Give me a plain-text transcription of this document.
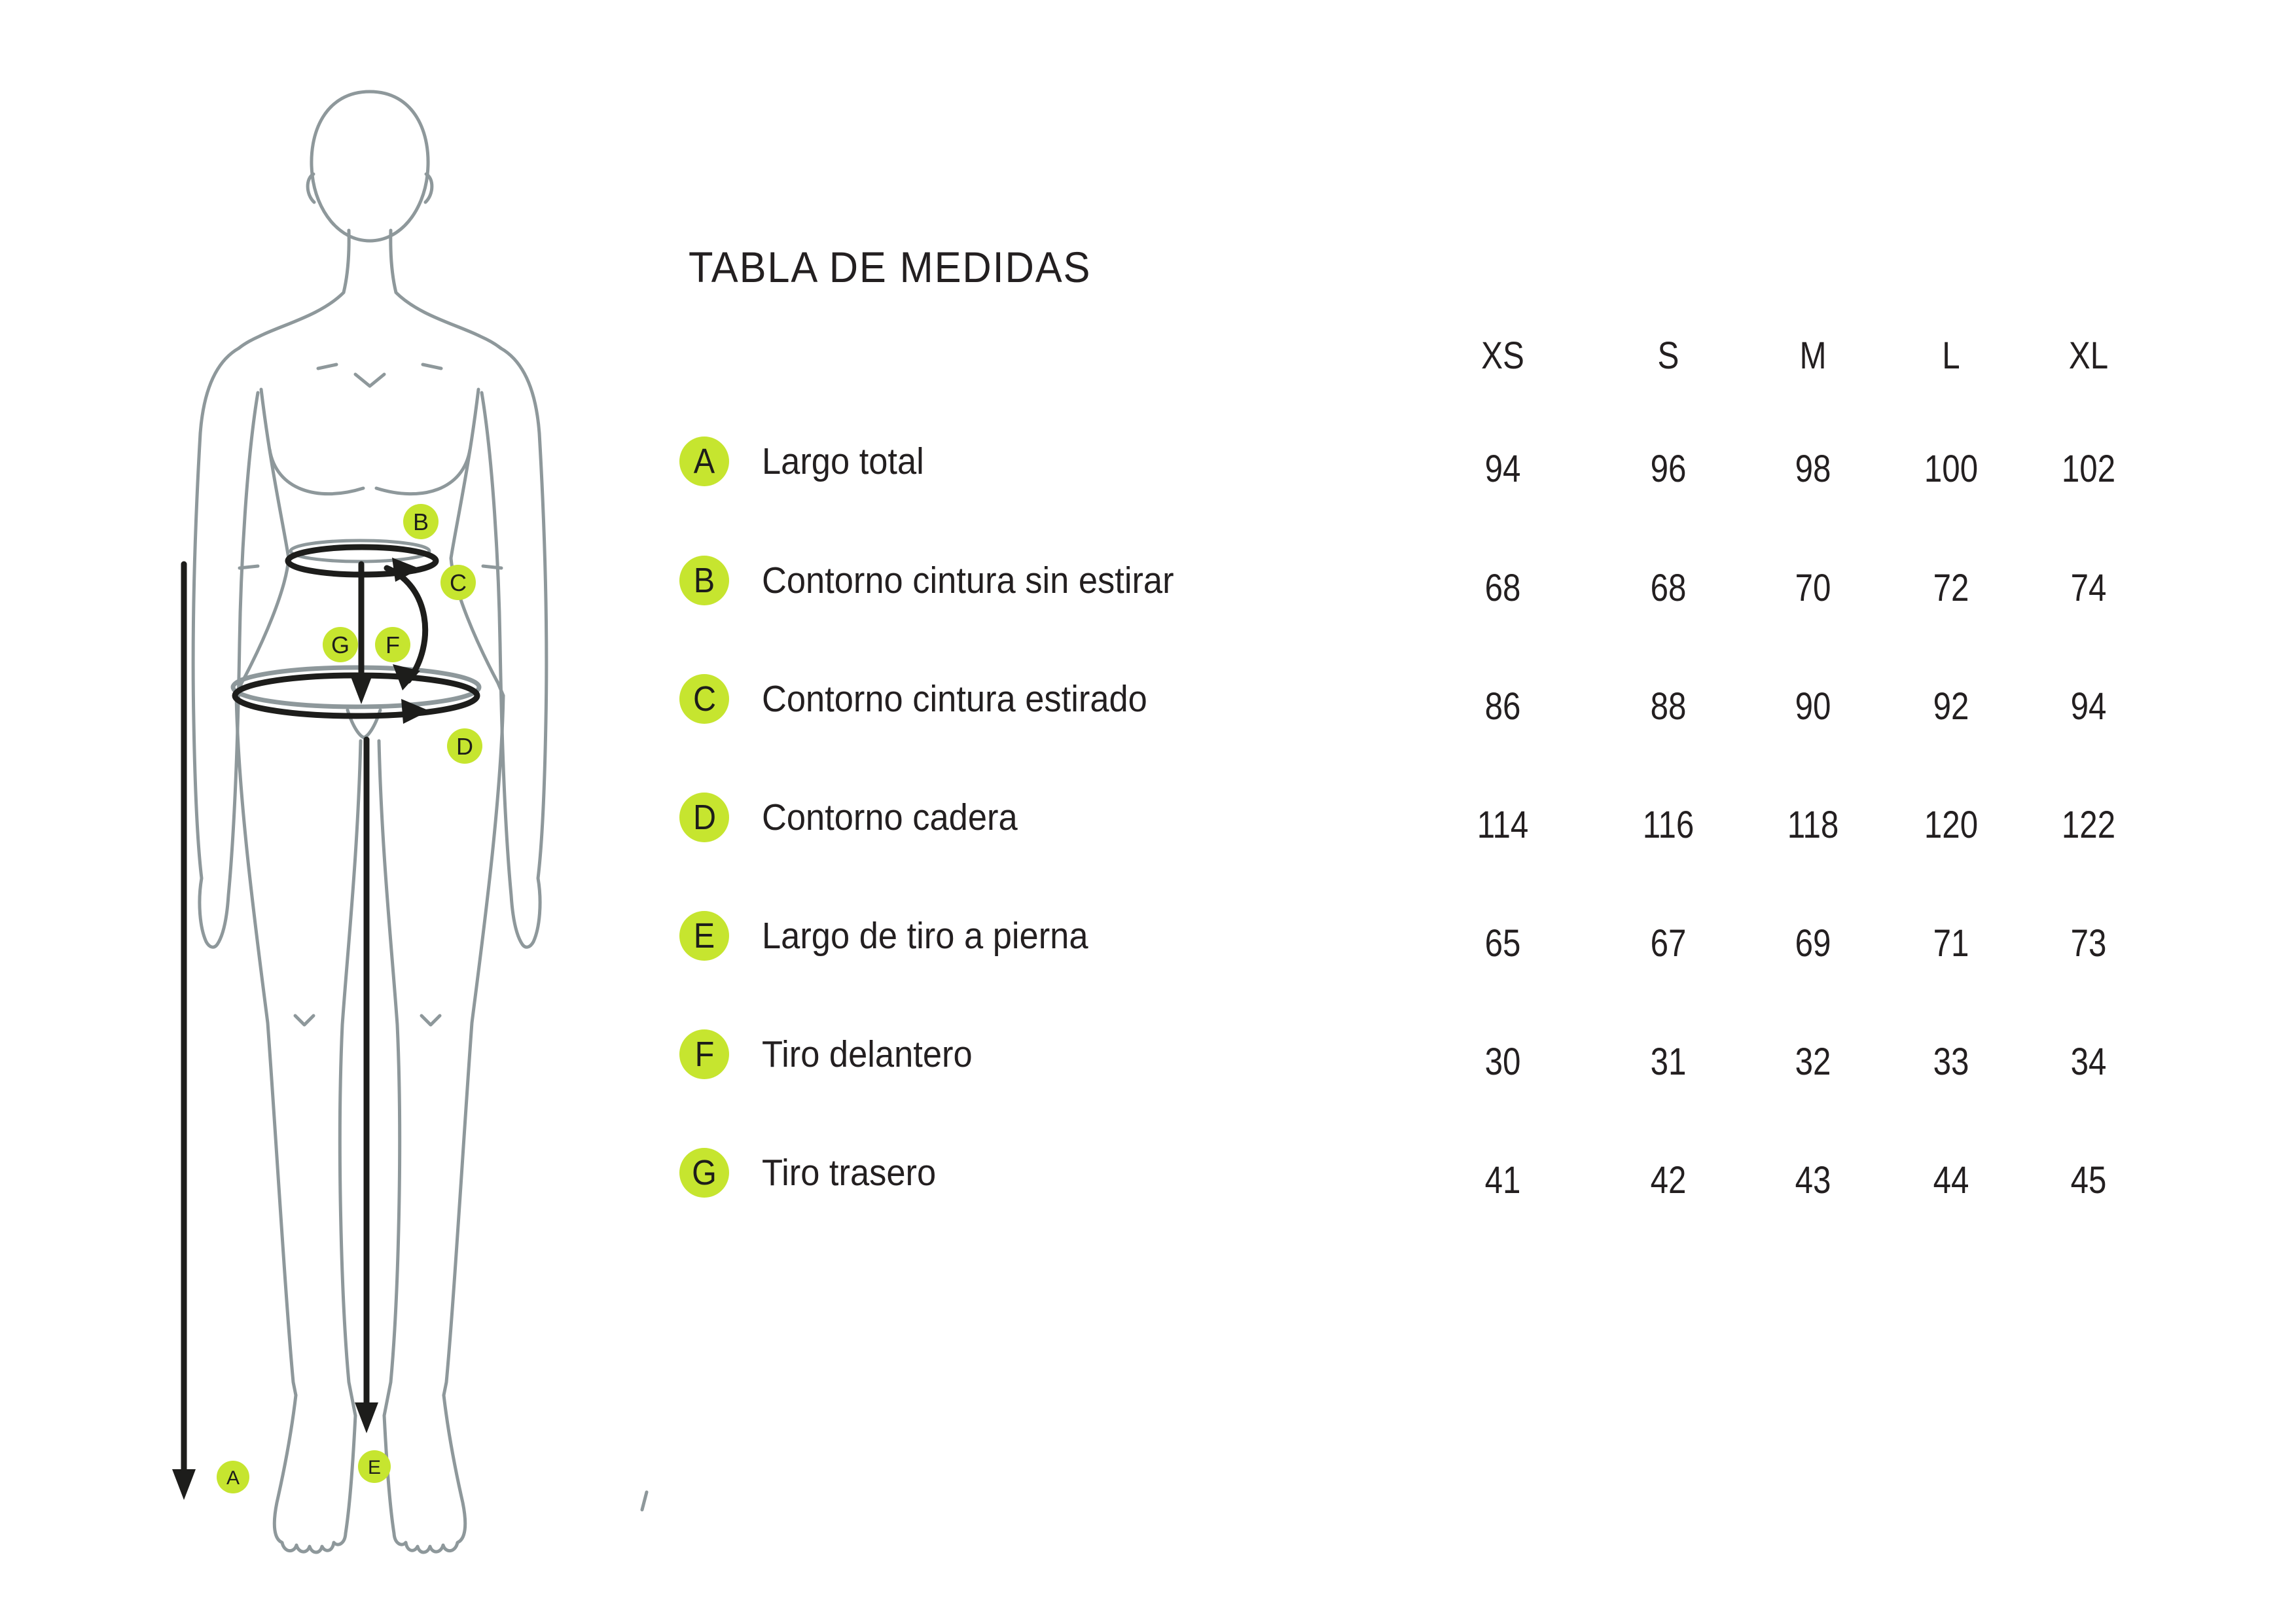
B
C
G F
D
A	E
TABLA DE MEDIDAS
XS	S	M	L	XL
A	Largo total	94	96	98	100	102
B	Contorno cintura sin estirar	68	68	70	72	74
C	Contorno cintura estirado	86	88	90	92	94
D	Contorno cadera	114	116	118	120	122
E	Largo de tiro a pierna	65	67	69	71	73
F	Tiro delantero	30	31	32	33	34
G	Tiro trasero	41	42	43	44	45
